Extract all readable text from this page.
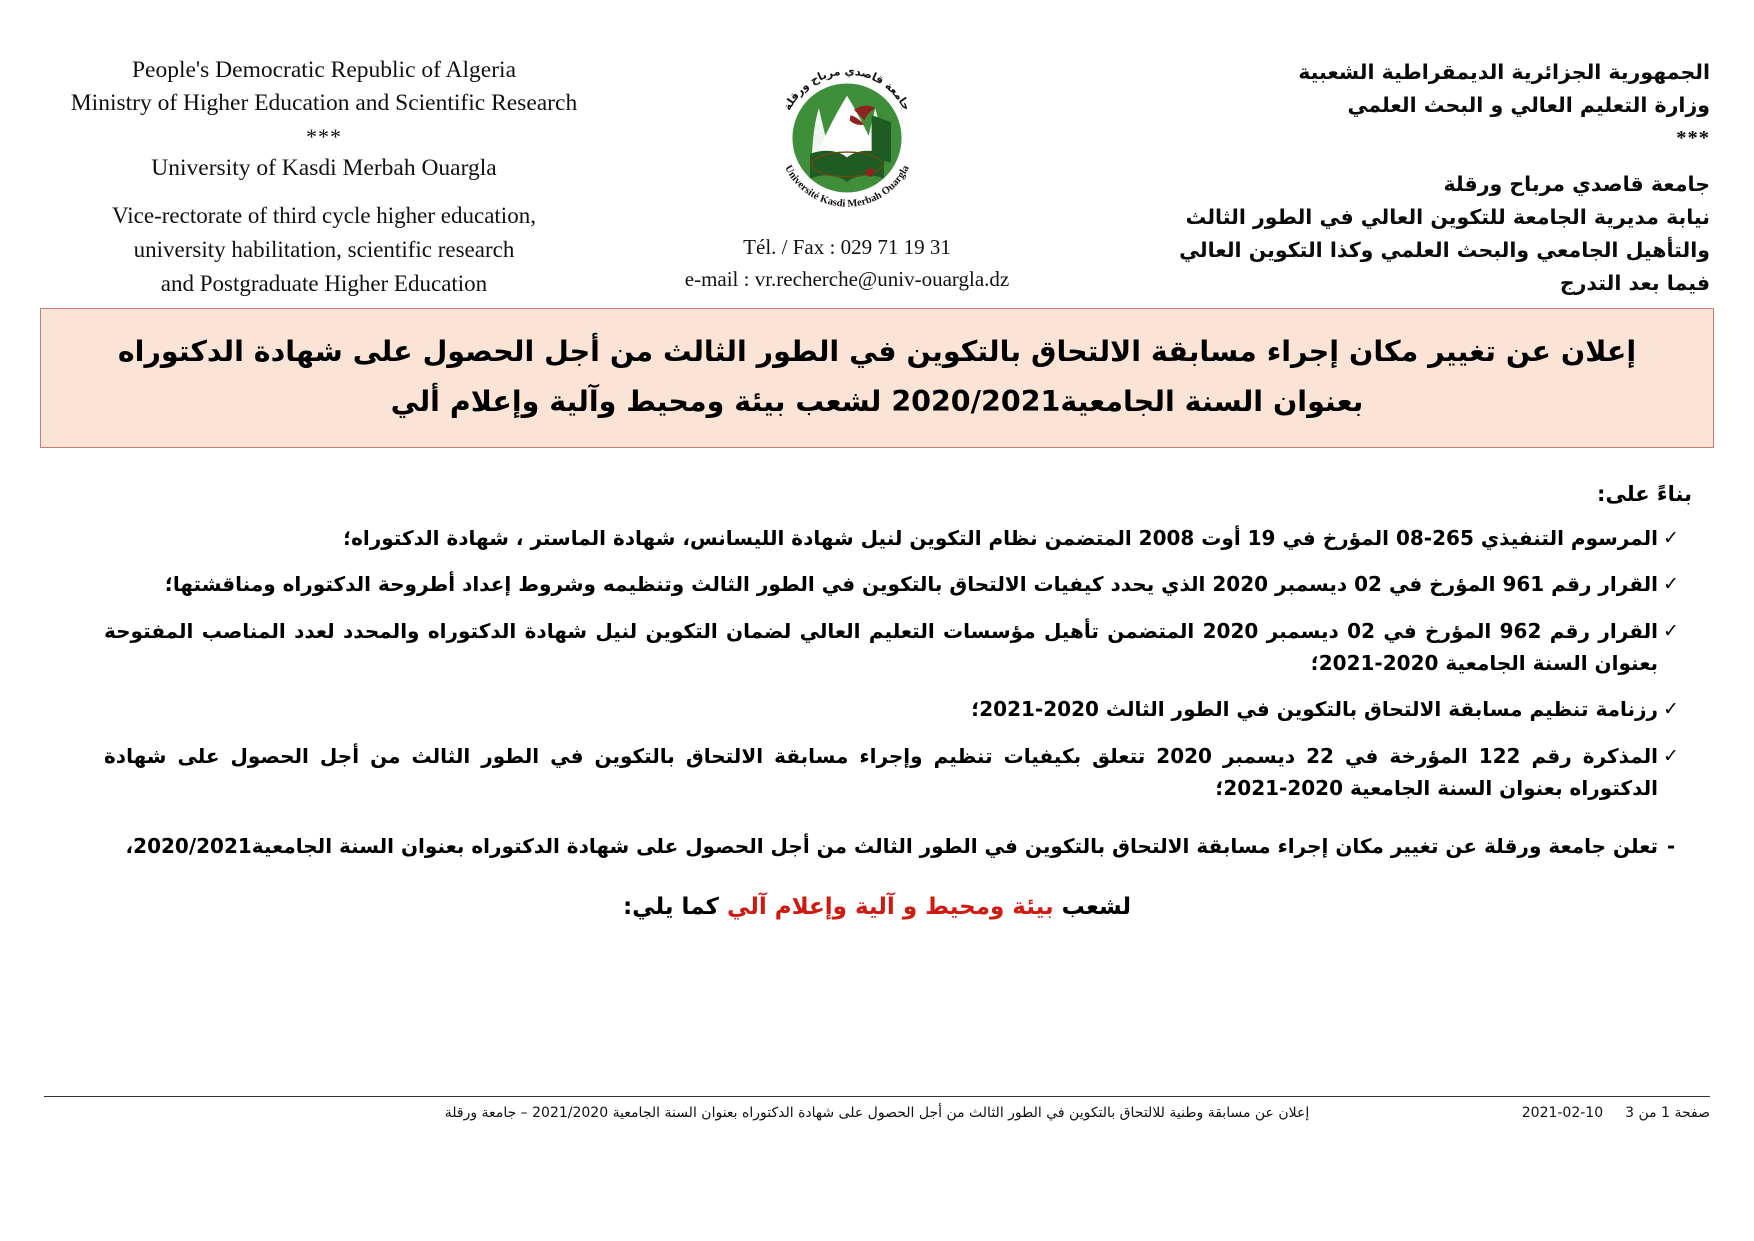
People's Democratic Republic of Algeria
Ministry of Higher Education and Scientific Research
***
University of Kasdi Merbah Ouargla
Vice-rectorate of third cycle higher education,
university habilitation, scientific research
and Postgraduate Higher Education
جامعة قاصدي مرباح ورقلة
Université Kasdi Merbah Ouargla
Tél. / Fax : 029 71 19 31
e-mail : vr.recherche@univ-ouargla.dz
الجمهورية الجزائرية الديمقراطية الشعبية
وزارة التعليم العالي و البحث العلمي
***
جامعة قاصدي مرباح ورقلة
نيابة مديرية الجامعة للتكوين العالي في الطور الثالث
والتأهيل الجامعي والبحث العلمي وكذا التكوين العالي
فيما بعد التدرج
إعلان عن تغيير مكان إجراء مسابقة الالتحاق بالتكوين في الطور الثالث من أجل الحصول على شهادة الدكتوراه
بعنوان السنة الجامعية2020/2021 لشعب بيئة ومحيط وآلية وإعلام ألي
بناءً على:
✓
المرسوم التنفيذي 265-08 المؤرخ في 19 أوت 2008 المتضمن نظام التكوين لنيل شهادة الليسانس، شهادة الماستر ، شهادة الدكتوراه؛
✓
القرار رقم 961 المؤرخ في 02 ديسمبر 2020 الذي يحدد كيفيات الالتحاق بالتكوين في الطور الثالث وتنظيمه وشروط إعداد أطروحة الدكتوراه ومناقشتها؛
✓
القرار رقم 962 المؤرخ في 02 ديسمبر 2020 المتضمن تأهيل مؤسسات التعليم العالي لضمان التكوين لنيل شهادة الدكتوراه والمحدد لعدد المناصب المفتوحة بعنوان السنة الجامعية 2020-2021؛
✓
رزنامة تنظيم مسابقة الالتحاق بالتكوين في الطور الثالث 2020-2021؛
✓
المذكرة رقم 122 المؤرخة في 22 ديسمبر 2020 تتعلق بكيفيات تنظيم وإجراء مسابقة الالتحاق بالتكوين في الطور الثالث من أجل الحصول على شهادة الدكتوراه بعنوان السنة الجامعية 2020-2021؛
-
تعلن جامعة ورقلة عن تغيير مكان إجراء مسابقة الالتحاق بالتكوين في الطور الثالث من أجل الحصول على شهادة الدكتوراه بعنوان السنة الجامعية2020/2021،
لشعب بيئة ومحيط و آلية وإعلام آلي كما يلي:
صفحة 1 من 3
2021-02-10
إعلان عن مسابقة وطنية للالتحاق بالتكوين في الطور الثالث من أجل الحصول على شهادة الدكتوراه بعنوان السنة الجامعية 2021/2020 – جامعة ورقلة
